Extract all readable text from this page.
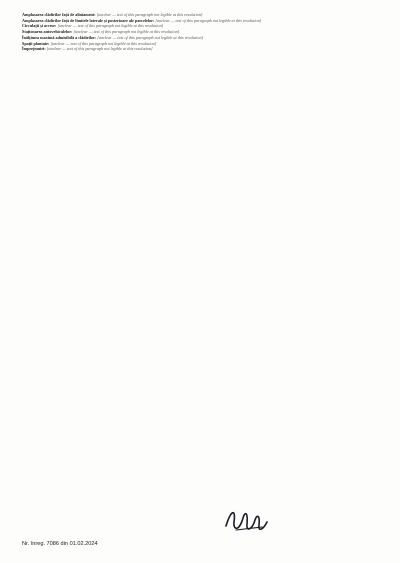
Amplasarea clădirilor față de aliniament: [unclear — text of this paragraph not legible at this resolution]

Amplasarea clădirilor față de limitele laterale și posterioare ale parcelelor: [unclear — text of this paragraph not legible at this resolution]

Circulații și accese: [unclear — text of this paragraph not legible at this resolution]

Staționarea autovehiculelor: [unclear — text of this paragraph not legible at this resolution]

Înălțimea maximă admisibilă a clădirilor: [unclear — text of this paragraph not legible at this resolution]

Spații plantate: [unclear — text of this paragraph not legible at this resolution]

Împrejmuiri: [unclear — text of this paragraph not legible at this resolution]

Nr. înreg. 7086 din 01.02.2024
